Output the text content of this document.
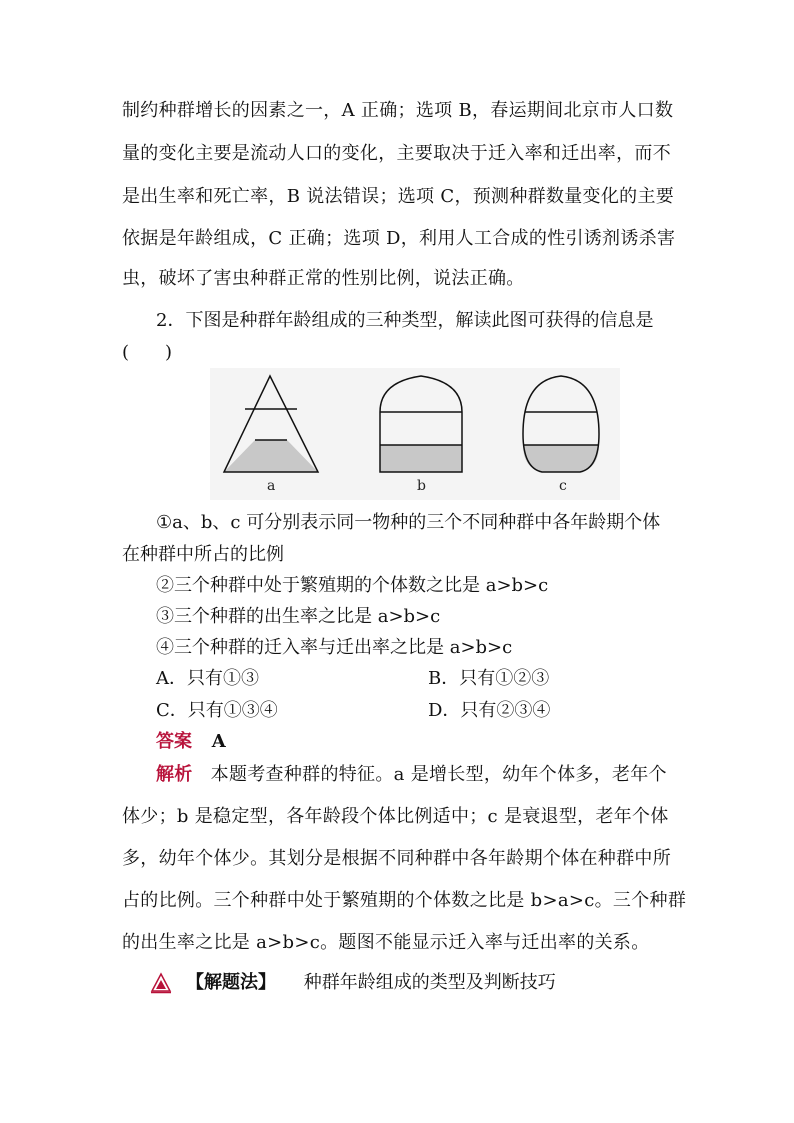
制约种群增长的因素之一，A 正确；选项 B，春运期间北京市人口数
量的变化主要是流动人口的变化，主要取决于迁入率和迁出率，而不
是出生率和死亡率，B 说法错误；选项 C，预测种群数量变化的主要
依据是年龄组成，C 正确；选项 D，利用人工合成的性引诱剂诱杀害
虫，破坏了害虫种群正常的性别比例，说法正确。
2．下图是种群年龄组成的三种类型，解读此图可获得的信息是
(　　)
a	b	c
①a、b、c 可分别表示同一物种的三个不同种群中各年龄期个体
在种群中所占的比例
②三个种群中处于繁殖期的个体数之比是 a>b>c
③三个种群的出生率之比是 a>b>c
④三个种群的迁入率与迁出率之比是 a>b>c
A．只有①③	B．只有①②③
C．只有①③④	D．只有②③④
答案 A
解析 本题考查种群的特征。a 是增长型，幼年个体多，老年个
体少；b 是稳定型，各年龄段个体比例适中；c 是衰退型，老年个体
多，幼年个体少。其划分是根据不同种群中各年龄期个体在种群中所
占的比例。三个种群中处于繁殖期的个体数之比是 b>a>c。三个种群
的出生率之比是 a>b>c。题图不能显示迁入率与迁出率的关系。
【解题法】 种群年龄组成的类型及判断技巧
